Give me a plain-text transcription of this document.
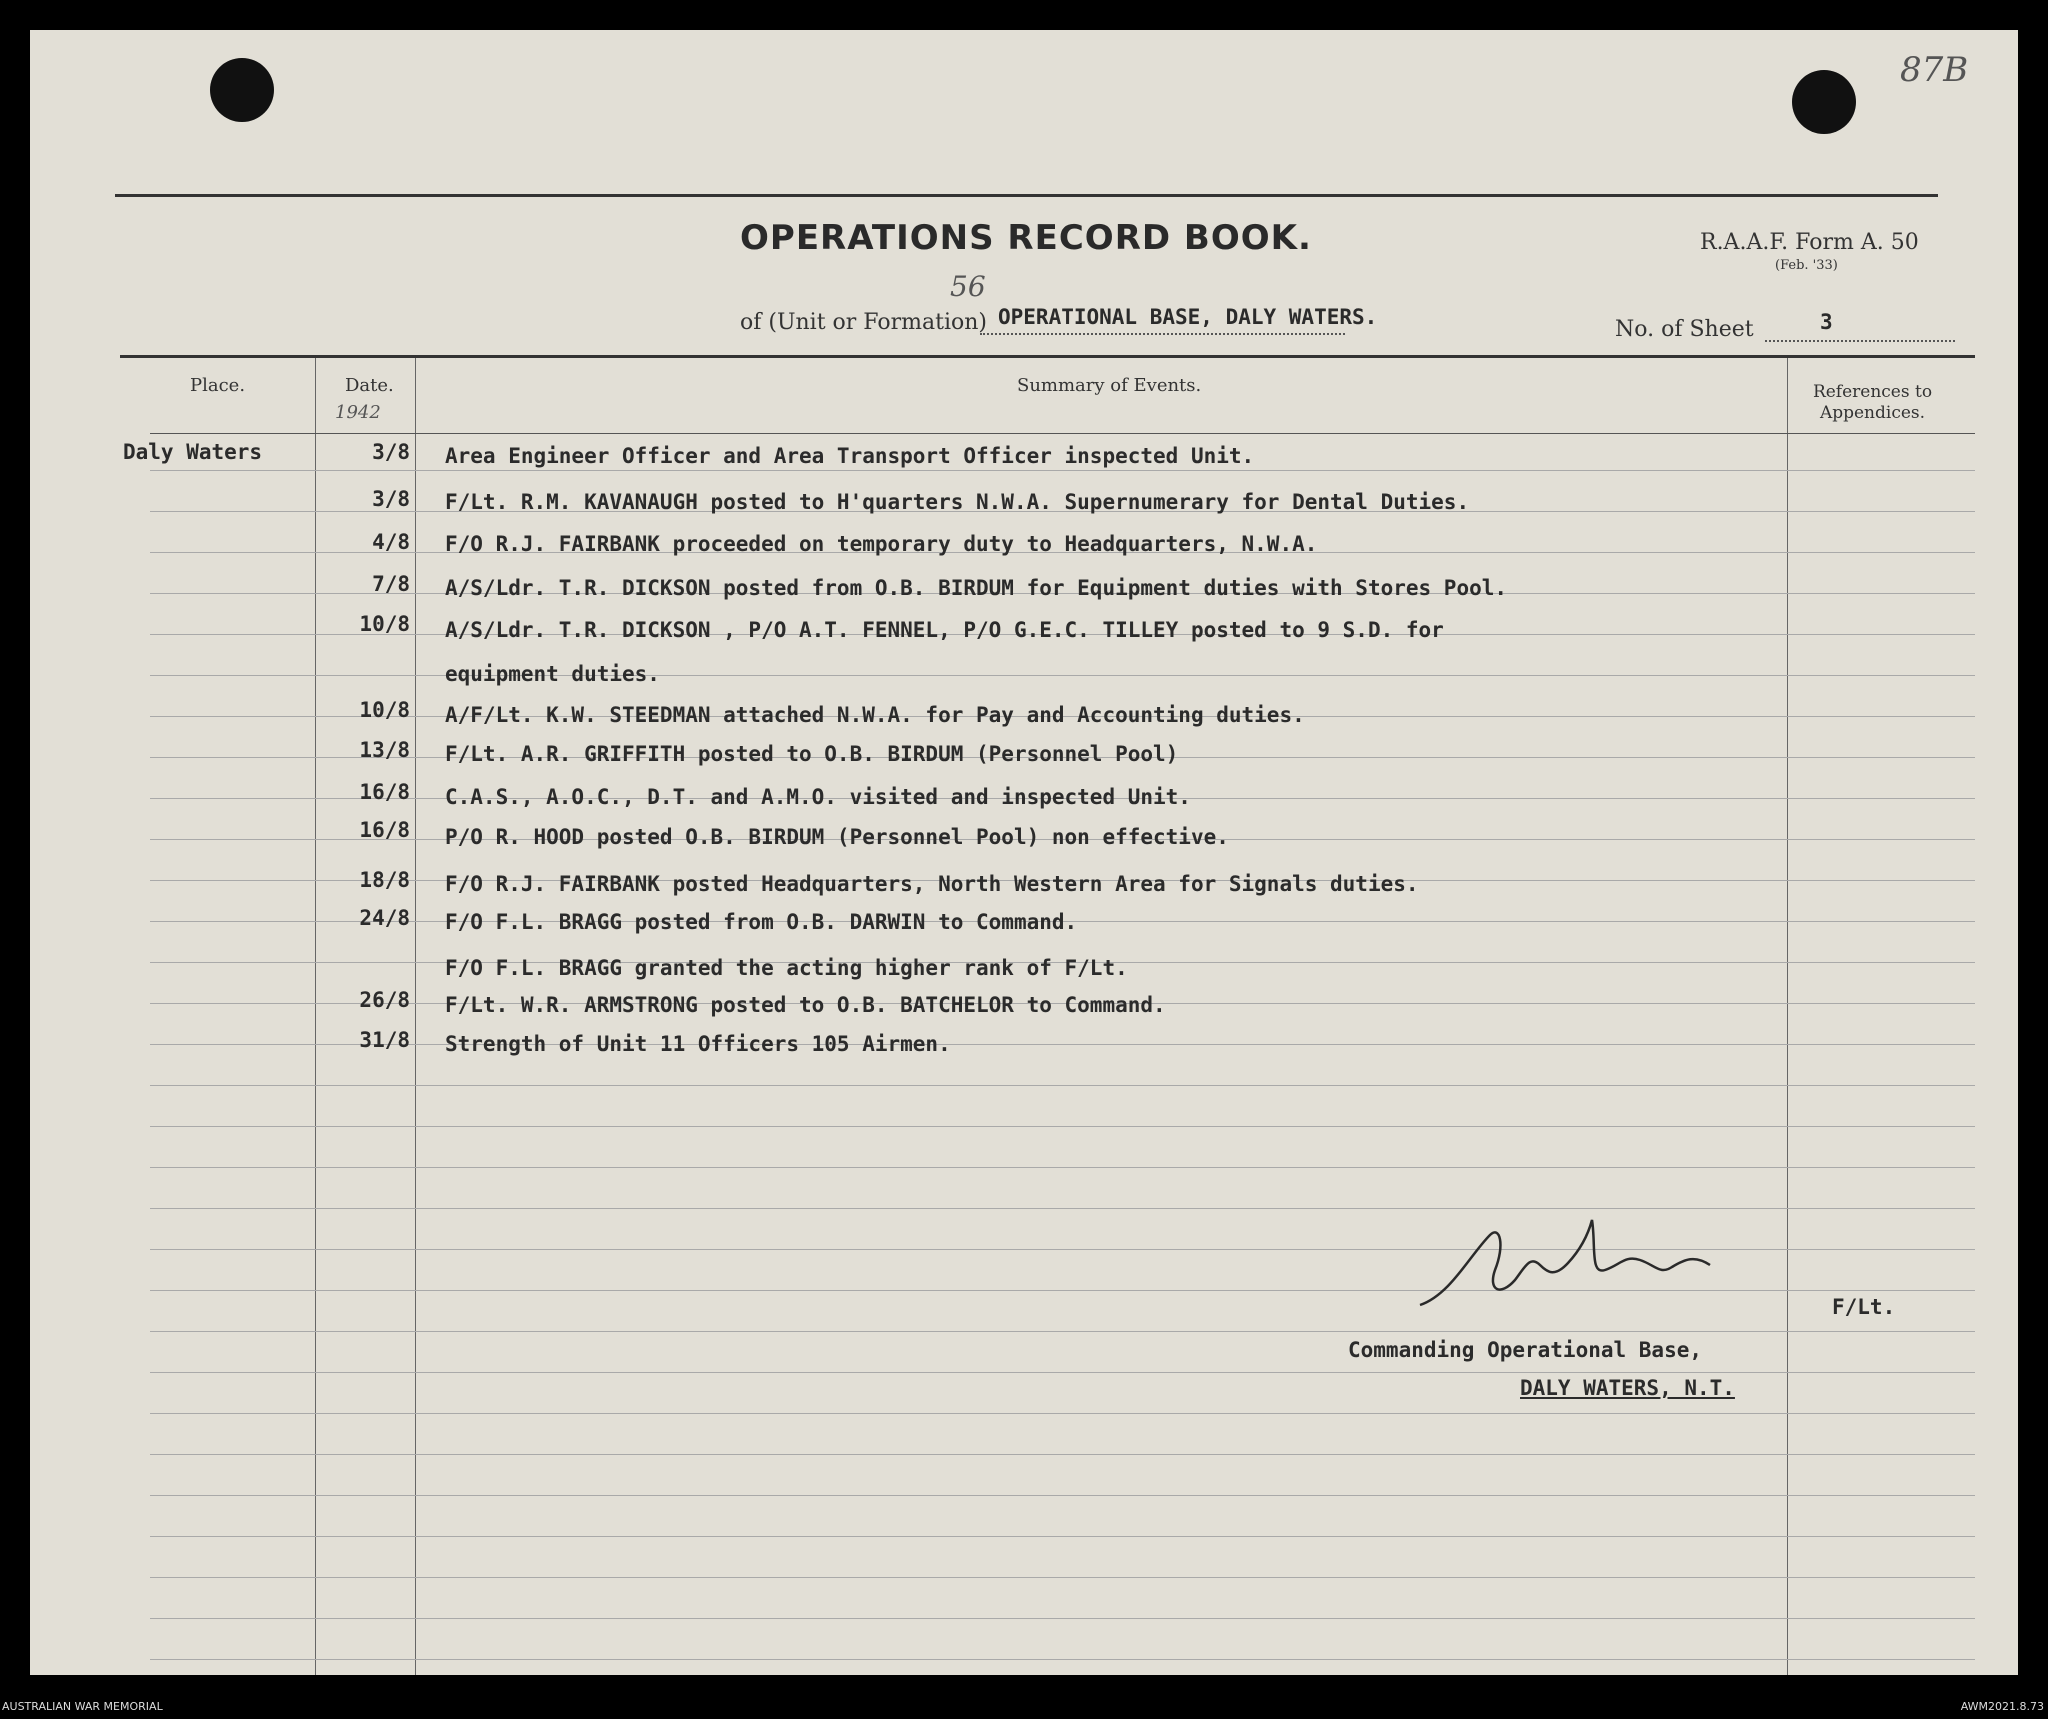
87B
OPERATIONS RECORD BOOK.	R.A.A.F. Form A. 50
(Feb. '33)
of (Unit or Formation)
56
OPERATIONAL BASE, DALY WATERS.	No. of Sheet	3
Place.	Date.
1942
Summary of Events.	References to Appendices.
Daly Waters	3/8 Area Engineer Officer and Area Transport Officer inspected Unit.
3/8 F/Lt. R.M. KAVANAUGH posted to H'quarters N.W.A. Supernumerary for Dental Duties.
4/8 F/O R.J. FAIRBANK proceeded on temporary duty to Headquarters, N.W.A.
7/8 A/S/Ldr. T.R. DICKSON posted from O.B. BIRDUM for Equipment duties with Stores Pool.
10/8 A/S/Ldr. T.R. DICKSON , P/O A.T. FENNEL, P/O G.E.C. TILLEY posted to 9 S.D. for
equipment duties.
10/8 A/F/Lt. K.W. STEEDMAN attached N.W.A. for Pay and Accounting duties.
13/8 F/Lt. A.R. GRIFFITH posted to O.B. BIRDUM (Personnel Pool)
16/8 C.A.S., A.O.C., D.T. and A.M.O. visited and inspected Unit.
16/8 P/O R. HOOD posted O.B. BIRDUM (Personnel Pool) non effective.
18/8 F/O R.J. FAIRBANK posted Headquarters, North Western Area for Signals duties.
24/8 F/O F.L. BRAGG posted from O.B. DARWIN to Command.
F/O F.L. BRAGG granted the acting higher rank of F/Lt.
26/8 F/Lt. W.R. ARMSTRONG posted to O.B. BATCHELOR to Command.
31/8 Strength of Unit 11 Officers 105 Airmen.
F/Lt.
Commanding Operational Base,
DALY WATERS, N.T.
AUSTRALIAN WAR MEMORIAL	AWM2021.8.73
